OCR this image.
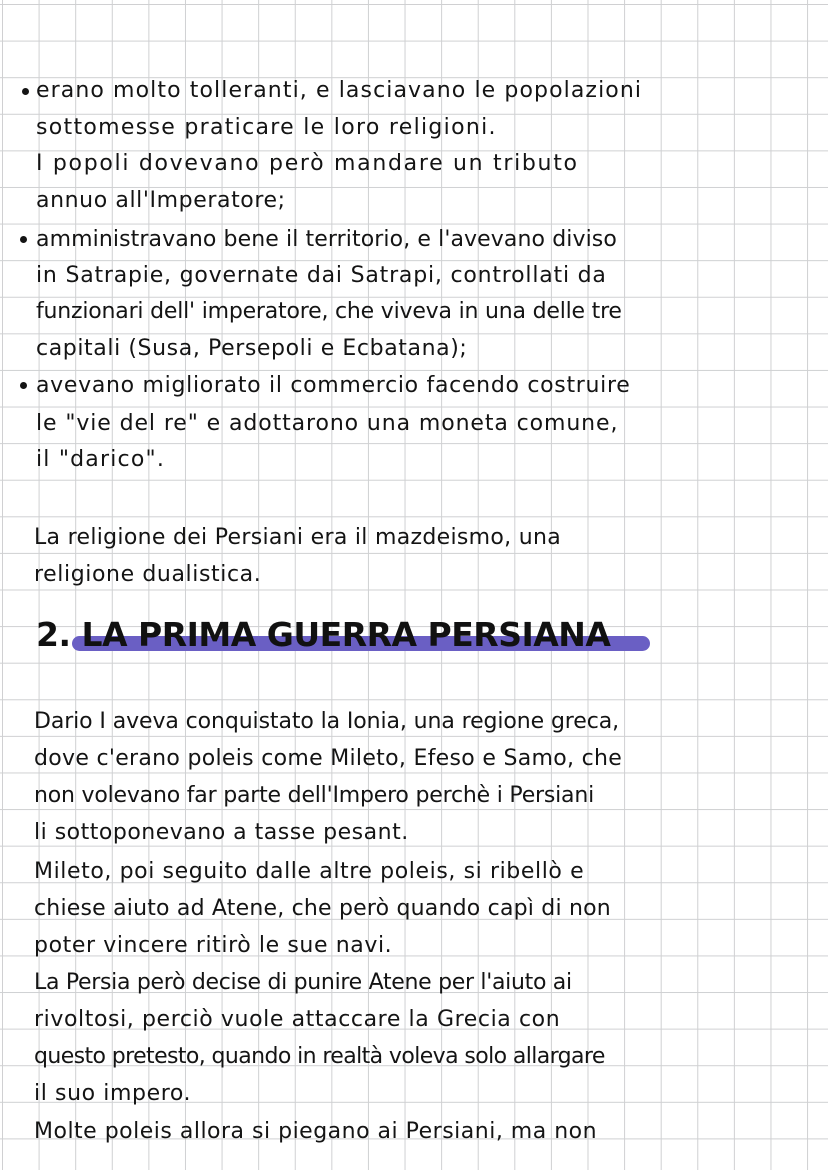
erano molto tolleranti, e lasciavano le popolazioni
sottomesse praticare le loro religioni.
I popoli dovevano però mandare un tributo
annuo all'Imperatore;
amministravano bene il territorio, e l'avevano diviso
in Satrapie, governate dai Satrapi, controllati da
funzionari dell' imperatore, che viveva in una delle tre
capitali (Susa, Persepoli e Ecbatana);
avevano migliorato il commercio facendo costruire
le "vie del re" e adottarono una moneta comune,
il "darico".
La religione dei Persiani era il mazdeismo, una
religione dualistica.
2. LA PRIMA GUERRA PERSIANA
Dario I aveva conquistato la Ionia, una regione greca,
dove c'erano poleis come Mileto, Efeso e Samo, che
non volevano far parte dell'Impero perchè i Persiani
li sottoponevano a tasse pesant.
Mileto, poi seguito dalle altre poleis, si ribellò e
chiese aiuto ad Atene, che però quando capì di non
poter vincere ritirò le sue navi.
La Persia però decise di punire Atene per l'aiuto ai
rivoltosi, perciò vuole attaccare la Grecia con
questo pretesto, quando in realtà voleva solo allargare
il suo impero.
Molte poleis allora si piegano ai Persiani, ma non
